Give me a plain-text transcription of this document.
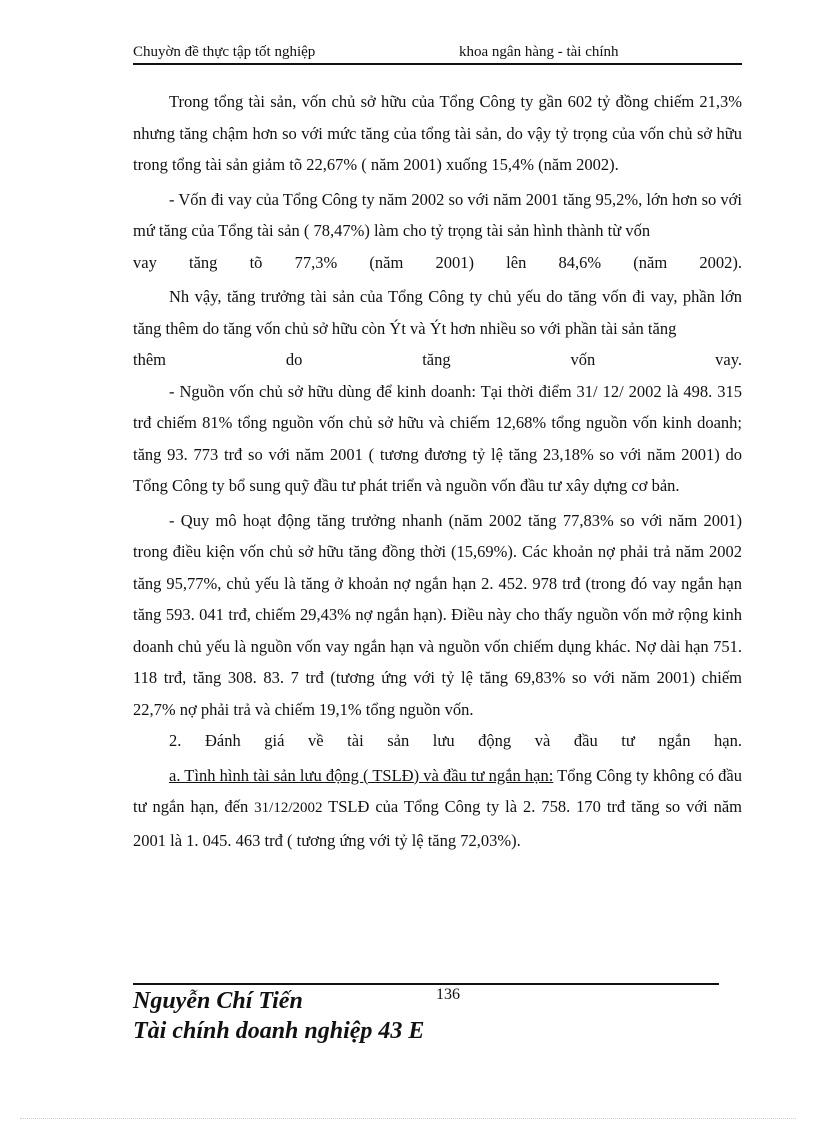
Chuyờn đề thực tập tốt nghiệp	khoa ngân hàng - tài chính

Trong tổng tài sản, vốn chủ sở hữu của Tổng Công ty gần 602 tỷ đồng chiếm 21,3% nhưng tăng chậm hơn so với mức tăng của tổng tài sản, do vậy tỷ trọng của vốn chủ sở hữu trong tổng tài sản giảm tõ 22,67% ( năm 2001) xuống 15,4% (năm 2002).

- Vốn đi vay của Tổng Công ty năm 2002 so với năm 2001 tăng 95,2%, lớn hơn so với mứ tăng của Tổng tài sản ( 78,47%) làm cho tỷ trọng tài sản hình thành từ vốn
vay tăng tõ 77,3% (năm 2001) lên 84,6% (năm 2002).

Nh vậy, tăng trưởng tài sản của Tổng Công ty chủ yếu do tăng vốn đi vay, phần lớn tăng thêm do tăng vốn chủ sở hữu còn Ýt và Ýt hơn nhiều so với phần tài sản tăng
thêm do tăng vốn vay.

- Nguồn vốn chủ sở hữu dùng để kinh doanh: Tại thời điểm 31/ 12/ 2002 là 498. 315 trđ chiếm 81% tổng nguồn vốn chủ sở hữu và chiếm 12,68% tổng nguồn vốn kinh doanh; tăng 93. 773 trđ so với năm 2001 ( tương đương tỷ lệ tăng 23,18% so với năm 2001) do Tổng Công ty bổ sung quỹ đầu tư phát triển và nguồn vốn đầu tư xây dựng cơ bản.

- Quy mô hoạt động tăng trưởng nhanh (năm 2002 tăng 77,83% so với năm 2001) trong điều kiện vốn chủ sở hữu tăng đồng thời (15,69%). Các khoản nợ phải trả năm 2002 tăng 95,77%, chủ yếu là tăng ở khoản nợ ngắn hạn 2. 452. 978 trđ (trong đó vay ngắn hạn tăng 593. 041 trđ, chiếm 29,43% nợ ngắn hạn). Điều này cho thấy nguồn vốn mở rộng kinh doanh chủ yếu là nguồn vốn vay ngắn hạn và nguồn vốn chiếm dụng khác. Nợ dài hạn 751. 118 trđ, tăng 308. 83. 7 trđ (tương ứng với tỷ lệ tăng 69,83% so với năm 2001) chiếm 22,7% nợ phải trả và chiếm 19,1% tổng nguồn vốn.

2. Đánh giá về tài sản lưu động và đầu tư ngắn hạn.

a. Tình hình tài sản lưu động ( TSLĐ) và đầu tư ngắn hạn: Tổng Công ty không có đầu tư ngắn hạn, đến 31/12/2002 TSLĐ của Tổng Công ty là 2. 758. 170 trđ tăng so với năm 2001 là 1. 045. 463 trđ ( tương ứng với tỷ lệ tăng 72,03%).

136
Nguyễn Chí Tiến
Tài chính doanh nghiệp 43 E
